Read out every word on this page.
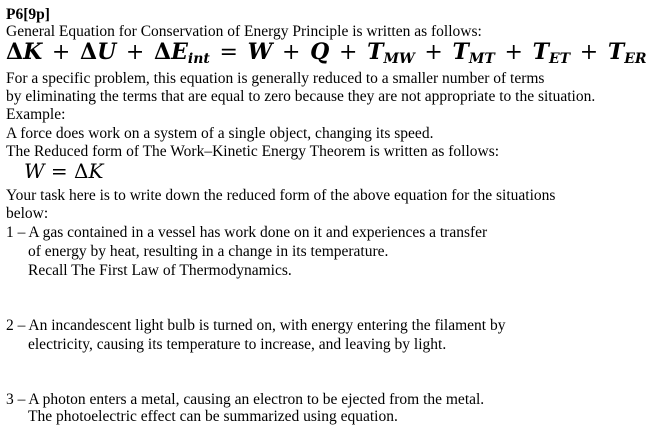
P6[9p]
General Equation for Conservation of Energy Principle is written as follows:
$\Delta K + \Delta U + \Delta E_{int} = W + Q + T_{MW} + T_{MT} + T_{ET} + T_{ER}$
For a specific problem, this equation is generally reduced to a smaller number of terms
by eliminating the terms that are equal to zero because they are not appropriate to the situation.
Example:
A force does work on a system of a single object, changing its speed.
The Reduced form of The Work–Kinetic Energy Theorem is written as follows:
W = ΔK
Your task here is to write down the reduced form of the above equation for the situations
below:
1 – A gas contained in a vessel has work done on it and experiences a transfer
of energy by heat, resulting in a change in its temperature.
Recall The First Law of Thermodynamics.
2 – An incandescent light bulb is turned on, with energy entering the filament by
electricity, causing its temperature to increase, and leaving by light.
3 – A photon enters a metal, causing an electron to be ejected from the metal.
The photoelectric effect can be summarized using equation.
